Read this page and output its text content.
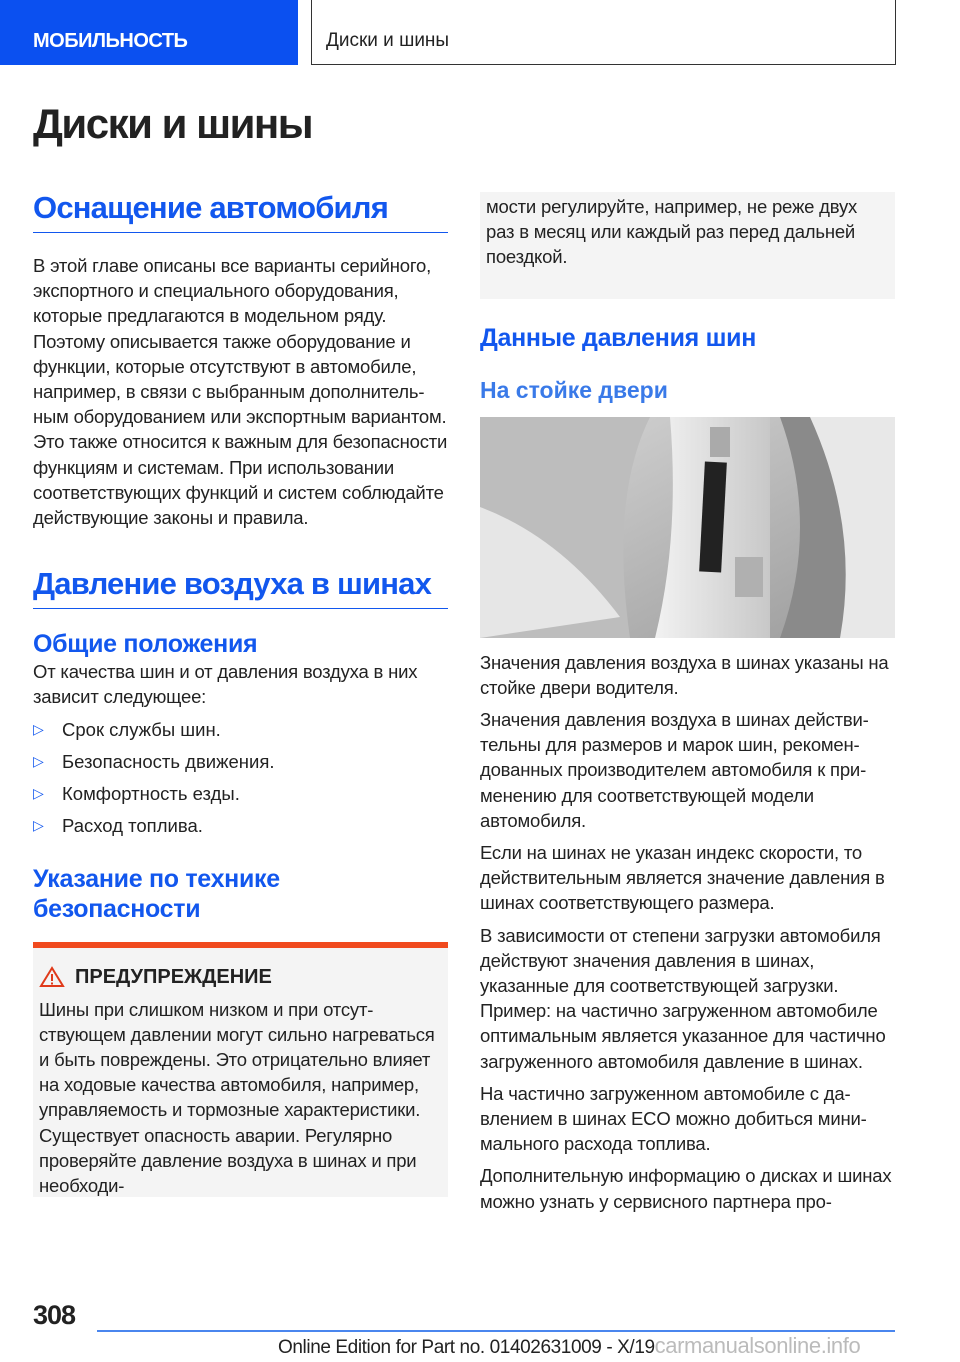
МОБИЛЬНОСТЬ	Диски и шины
Диски и шины
Оснащение автомобиля

В этой главе описаны все варианты серийного, экспортного и специального оборудования, которые предлагаются в модельном ряду. Поэтому описывается также оборудование и функции, которые отсутствуют в автомобиле, например, в связи с выбранным дополнительным оборудованием или экспортным вариантом. Это также относится к важным для безопасности функциям и системам. При использовании соответствующих функций и систем соблюдайте действующие законы и правила.

Давление воздуха в шинах
Общие положения

От качества шин и от давления воздуха в них зависит следующее:

▷ Срок службы шин.
▷ Безопасность движения.
▷ Комфортность езды.
▷ Расход топлива.
Указание по технике безопасности
ПРЕДУПРЕЖДЕНИЕ

Шины при слишком низком и при отсутствующем давлении могут сильно нагреваться и быть повреждены. Это отрицательно влияет на ходовые качества автомобиля, например, управляемость и тормозные характеристики. Существует опасность аварии. Регулярно проверяйте давление воздуха в шинах и при необходи-

мости регулируйте, например, не реже двух раз в месяц или каждый раз перед дальней поездкой.

Данные давления шин
На стойке двери

Значения давления воздуха в шинах указаны на стойке двери водителя.

Значения давления воздуха в шинах действительны для размеров и марок шин, рекомендованных производителем автомобиля к применению для соответствующей модели автомобиля.

Если на шинах не указан индекс скорости, то действительным является значение давления в шинах соответствующего размера.

В зависимости от степени загрузки автомобиля действуют значения давления в шинах, указанные для соответствующей загрузки. Пример: на частично загруженном автомобиле оптимальным является указанное для частично загруженного автомобиля давление в шинах.

На частично загруженном автомобиле с давлением в шинах ECO можно добиться минимального расхода топлива.

Дополнительную информацию о дисках и шинах можно узнать у сервисного партнера про-

308
Online Edition for Part no. 01402631009 - X/19carmanualsonline.info
